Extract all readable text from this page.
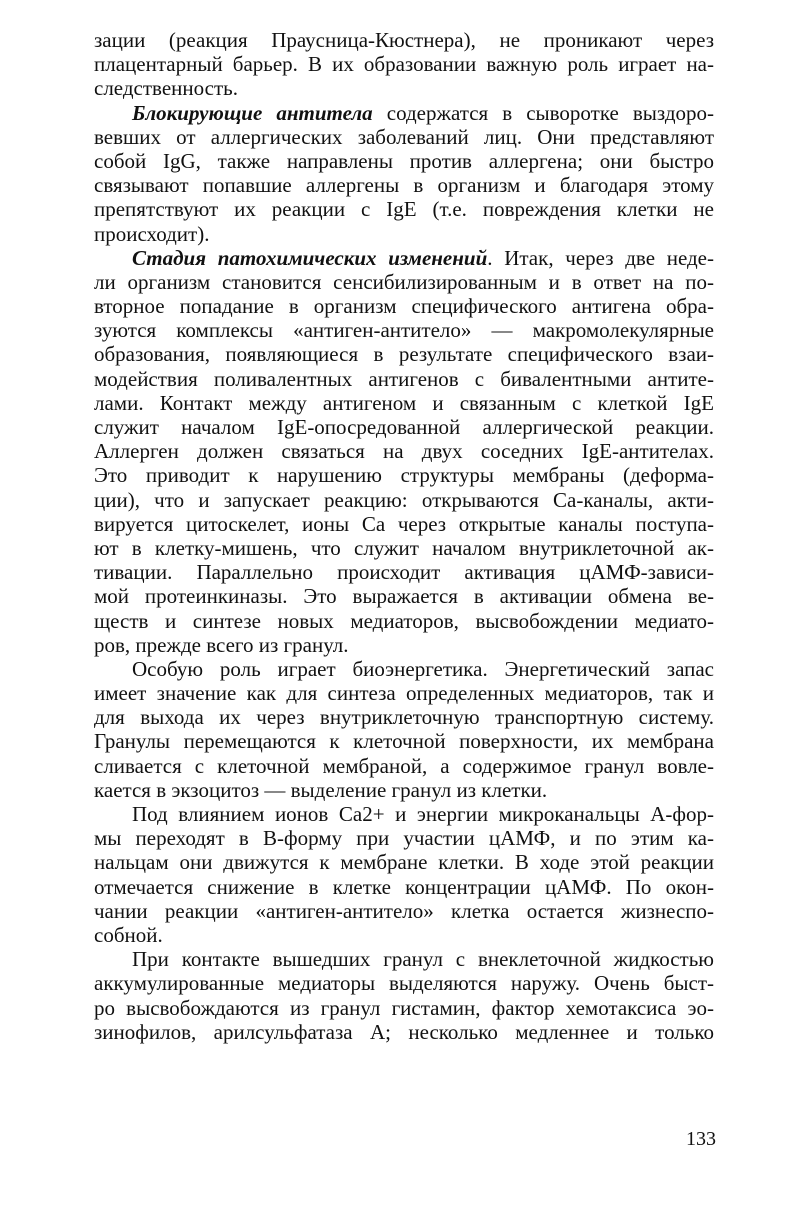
зации (реакция Праусница-Кюстнера), не проникают через
плацентарный барьер. В их образовании важную роль играет на-
следственность.
Блокирующие антитела содержатся в сыворотке выздоро-
вевших от аллергических заболеваний лиц. Они представляют
собой IgG, также направлены против аллергена; они быстро
связывают попавшие аллергены в организм и благодаря этому
препятствуют их реакции с IgE (т.е. повреждения клетки не
происходит).
Стадия патохимических изменений. Итак, через две неде-
ли организм становится сенсибилизированным и в ответ на по-
вторное попадание в организм специфического антигена обра-
зуются комплексы «антиген-антитело» — макромолекулярные
образования, появляющиеся в результате специфического взаи-
модействия поливалентных антигенов с бивалентными антите-
лами. Контакт между антигеном и связанным с клеткой IgE
служит началом IgE-опосредованной аллергической реакции.
Аллерген должен связаться на двух соседних IgE-антителах.
Это приводит к нарушению структуры мембраны (деформа-
ции), что и запускает реакцию: открываются Са-каналы, акти-
вируется цитоскелет, ионы Са через открытые каналы поступа-
ют в клетку-мишень, что служит началом внутриклеточной ак-
тивации. Параллельно происходит активация цАМФ-зависи-
мой протеинкиназы. Это выражается в активации обмена ве-
ществ и синтезе новых медиаторов, высвобождении медиато-
ров, прежде всего из гранул.
Особую роль играет биоэнергетика. Энергетический запас
имеет значение как для синтеза определенных медиаторов, так и
для выхода их через внутриклеточную транспортную систему.
Гранулы перемещаются к клеточной поверхности, их мембрана
сливается с клеточной мембраной, а содержимое гранул вовле-
кается в экзоцитоз — выделение гранул из клетки.
Под влиянием ионов Са2+ и энергии микроканальцы А-фор-
мы переходят в В-форму при участии цАМФ, и по этим ка-
нальцам они движутся к мембране клетки. В ходе этой реакции
отмечается снижение в клетке концентрации цАМФ. По окон-
чании реакции «антиген-антитело» клетка остается жизнеспо-
собной.
При контакте вышедших гранул с внеклеточной жидкостью
аккумулированные медиаторы выделяются наружу. Очень быст-
ро высвобождаются из гранул гистамин, фактор хемотаксиса эо-
зинофилов, арилсульфатаза А; несколько медленнее и только
133
